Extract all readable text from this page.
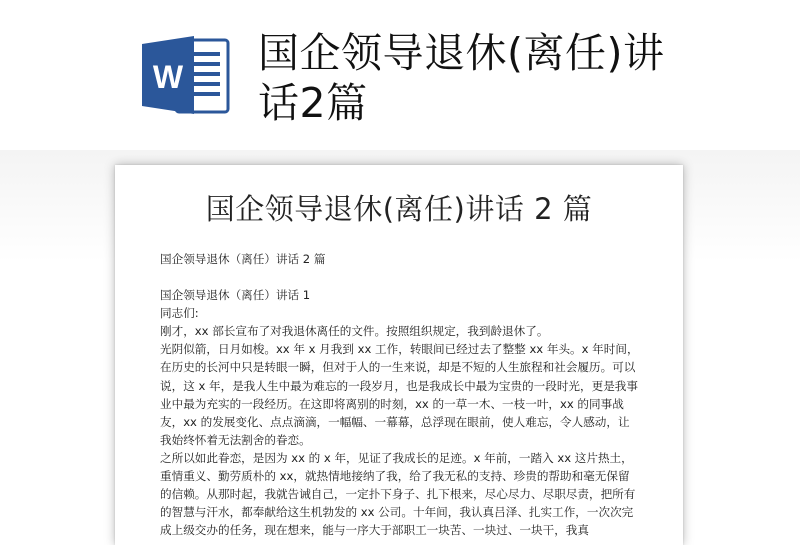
W 国企领导退休(离任)讲话2篇
国企领导退休(离任)讲话 2 篇

国企领导退休（离任）讲话 2 篇

国企领导退休（离任）讲话 1

同志们:

刚才，xx 部长宣布了对我退休离任的文件。按照组织规定，我到龄退休了。

光阴似箭，日月如梭。xx 年 x 月我到 xx 工作，转眼间已经过去了整整 xx 年头。x 年时间，在历史的长河中只是转眼一瞬，但对于人的一生来说，却是不短的人生旅程和社会履历。可以说，这 x 年，是我人生中最为难忘的一段岁月，也是我成长中最为宝贵的一段时光，更是我事业中最为充实的一段经历。在这即将离别的时刻，xx 的一草一木、一枝一叶，xx 的同事战友，xx 的发展变化、点点滴滴，一幅幅、一幕幕，总浮现在眼前，使人难忘，令人感动，让我始终怀着无法割舍的眷恋。

之所以如此眷恋，是因为 xx 的 x 年，见证了我成长的足迹。x 年前，一踏入 xx 这片热土，重情重义、勤劳质朴的 xx，就热情地接纳了我，给了我无私的支持、珍贵的帮助和毫无保留的信赖。从那时起，我就告诫自己，一定扑下身子、扎下根来，尽心尽力、尽职尽责，把所有的智慧与汗水，都奉献给这生机勃发的 xx 公司。十年间，我认真吕泽、扎实工作，一次次完成上级交办的任务，现在想来，能与一序大于部职工一块苦、一块过、一块干，我真
